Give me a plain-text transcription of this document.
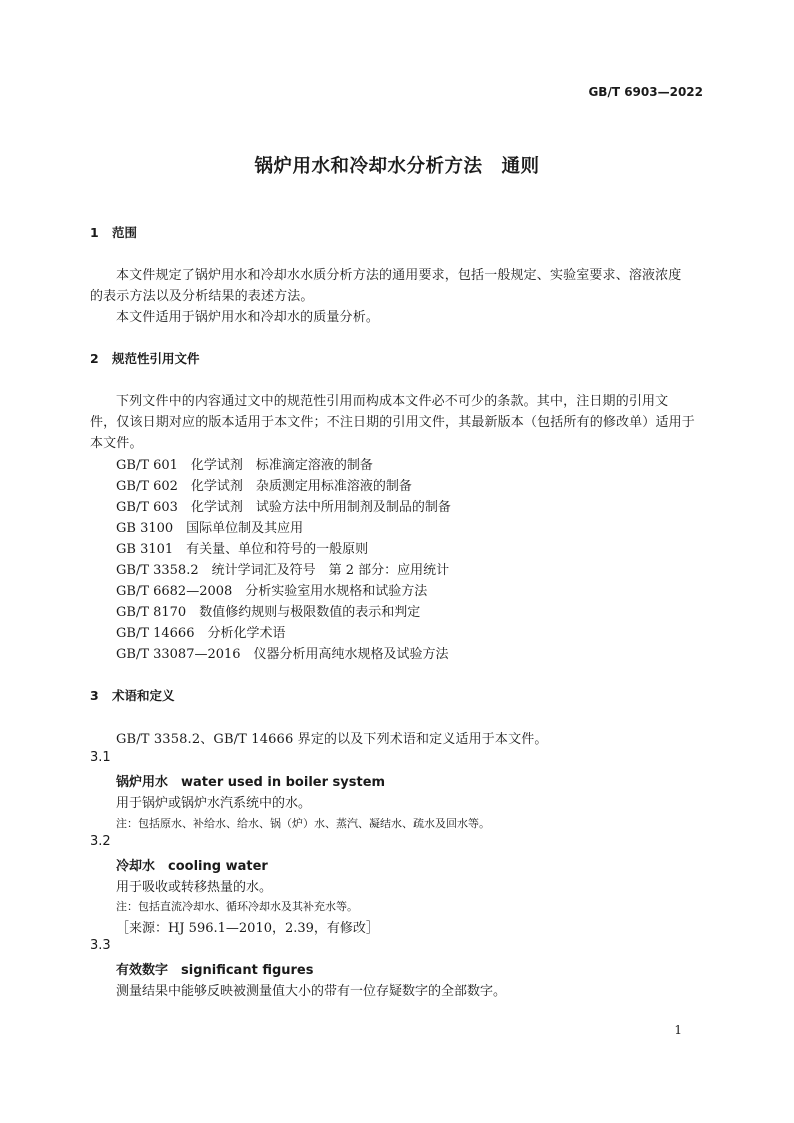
GB/T 6903—2022
锅炉用水和冷却水分析方法　通则
1 范围
本文件规定了锅炉用水和冷却水水质分析方法的通用要求，包括一般规定、实验室要求、溶液浓度
的表示方法以及分析结果的表述方法。
本文件适用于锅炉用水和冷却水的质量分析。
2 规范性引用文件
下列文件中的内容通过文中的规范性引用而构成本文件必不可少的条款。其中，注日期的引用文
件，仅该日期对应的版本适用于本文件；不注日期的引用文件，其最新版本（包括所有的修改单）适用于
本文件。
GB/T 601　化学试剂　标准滴定溶液的制备
GB/T 602　化学试剂　杂质测定用标准溶液的制备
GB/T 603　化学试剂　试验方法中所用制剂及制品的制备
GB 3100　国际单位制及其应用
GB 3101　有关量、单位和符号的一般原则
GB/T 3358.2　统计学词汇及符号　第 2 部分：应用统计
GB/T 6682—2008　分析实验室用水规格和试验方法
GB/T 8170　数值修约规则与极限数值的表示和判定
GB/T 14666　分析化学术语
GB/T 33087—2016　仪器分析用高纯水规格及试验方法
3 术语和定义
GB/T 3358.2、GB/T 14666 界定的以及下列术语和定义适用于本文件。
3.1
锅炉用水　water used in boiler system
用于锅炉或锅炉水汽系统中的水。
注：包括原水、补给水、给水、锅（炉）水、蒸汽、凝结水、疏水及回水等。
3.2
冷却水　cooling water
用于吸收或转移热量的水。
注：包括直流冷却水、循环冷却水及其补充水等。
［来源：HJ 596.1—2010，2.39，有修改］
3.3
有效数字　significant figures
测量结果中能够反映被测量值大小的带有一位存疑数字的全部数字。
1
